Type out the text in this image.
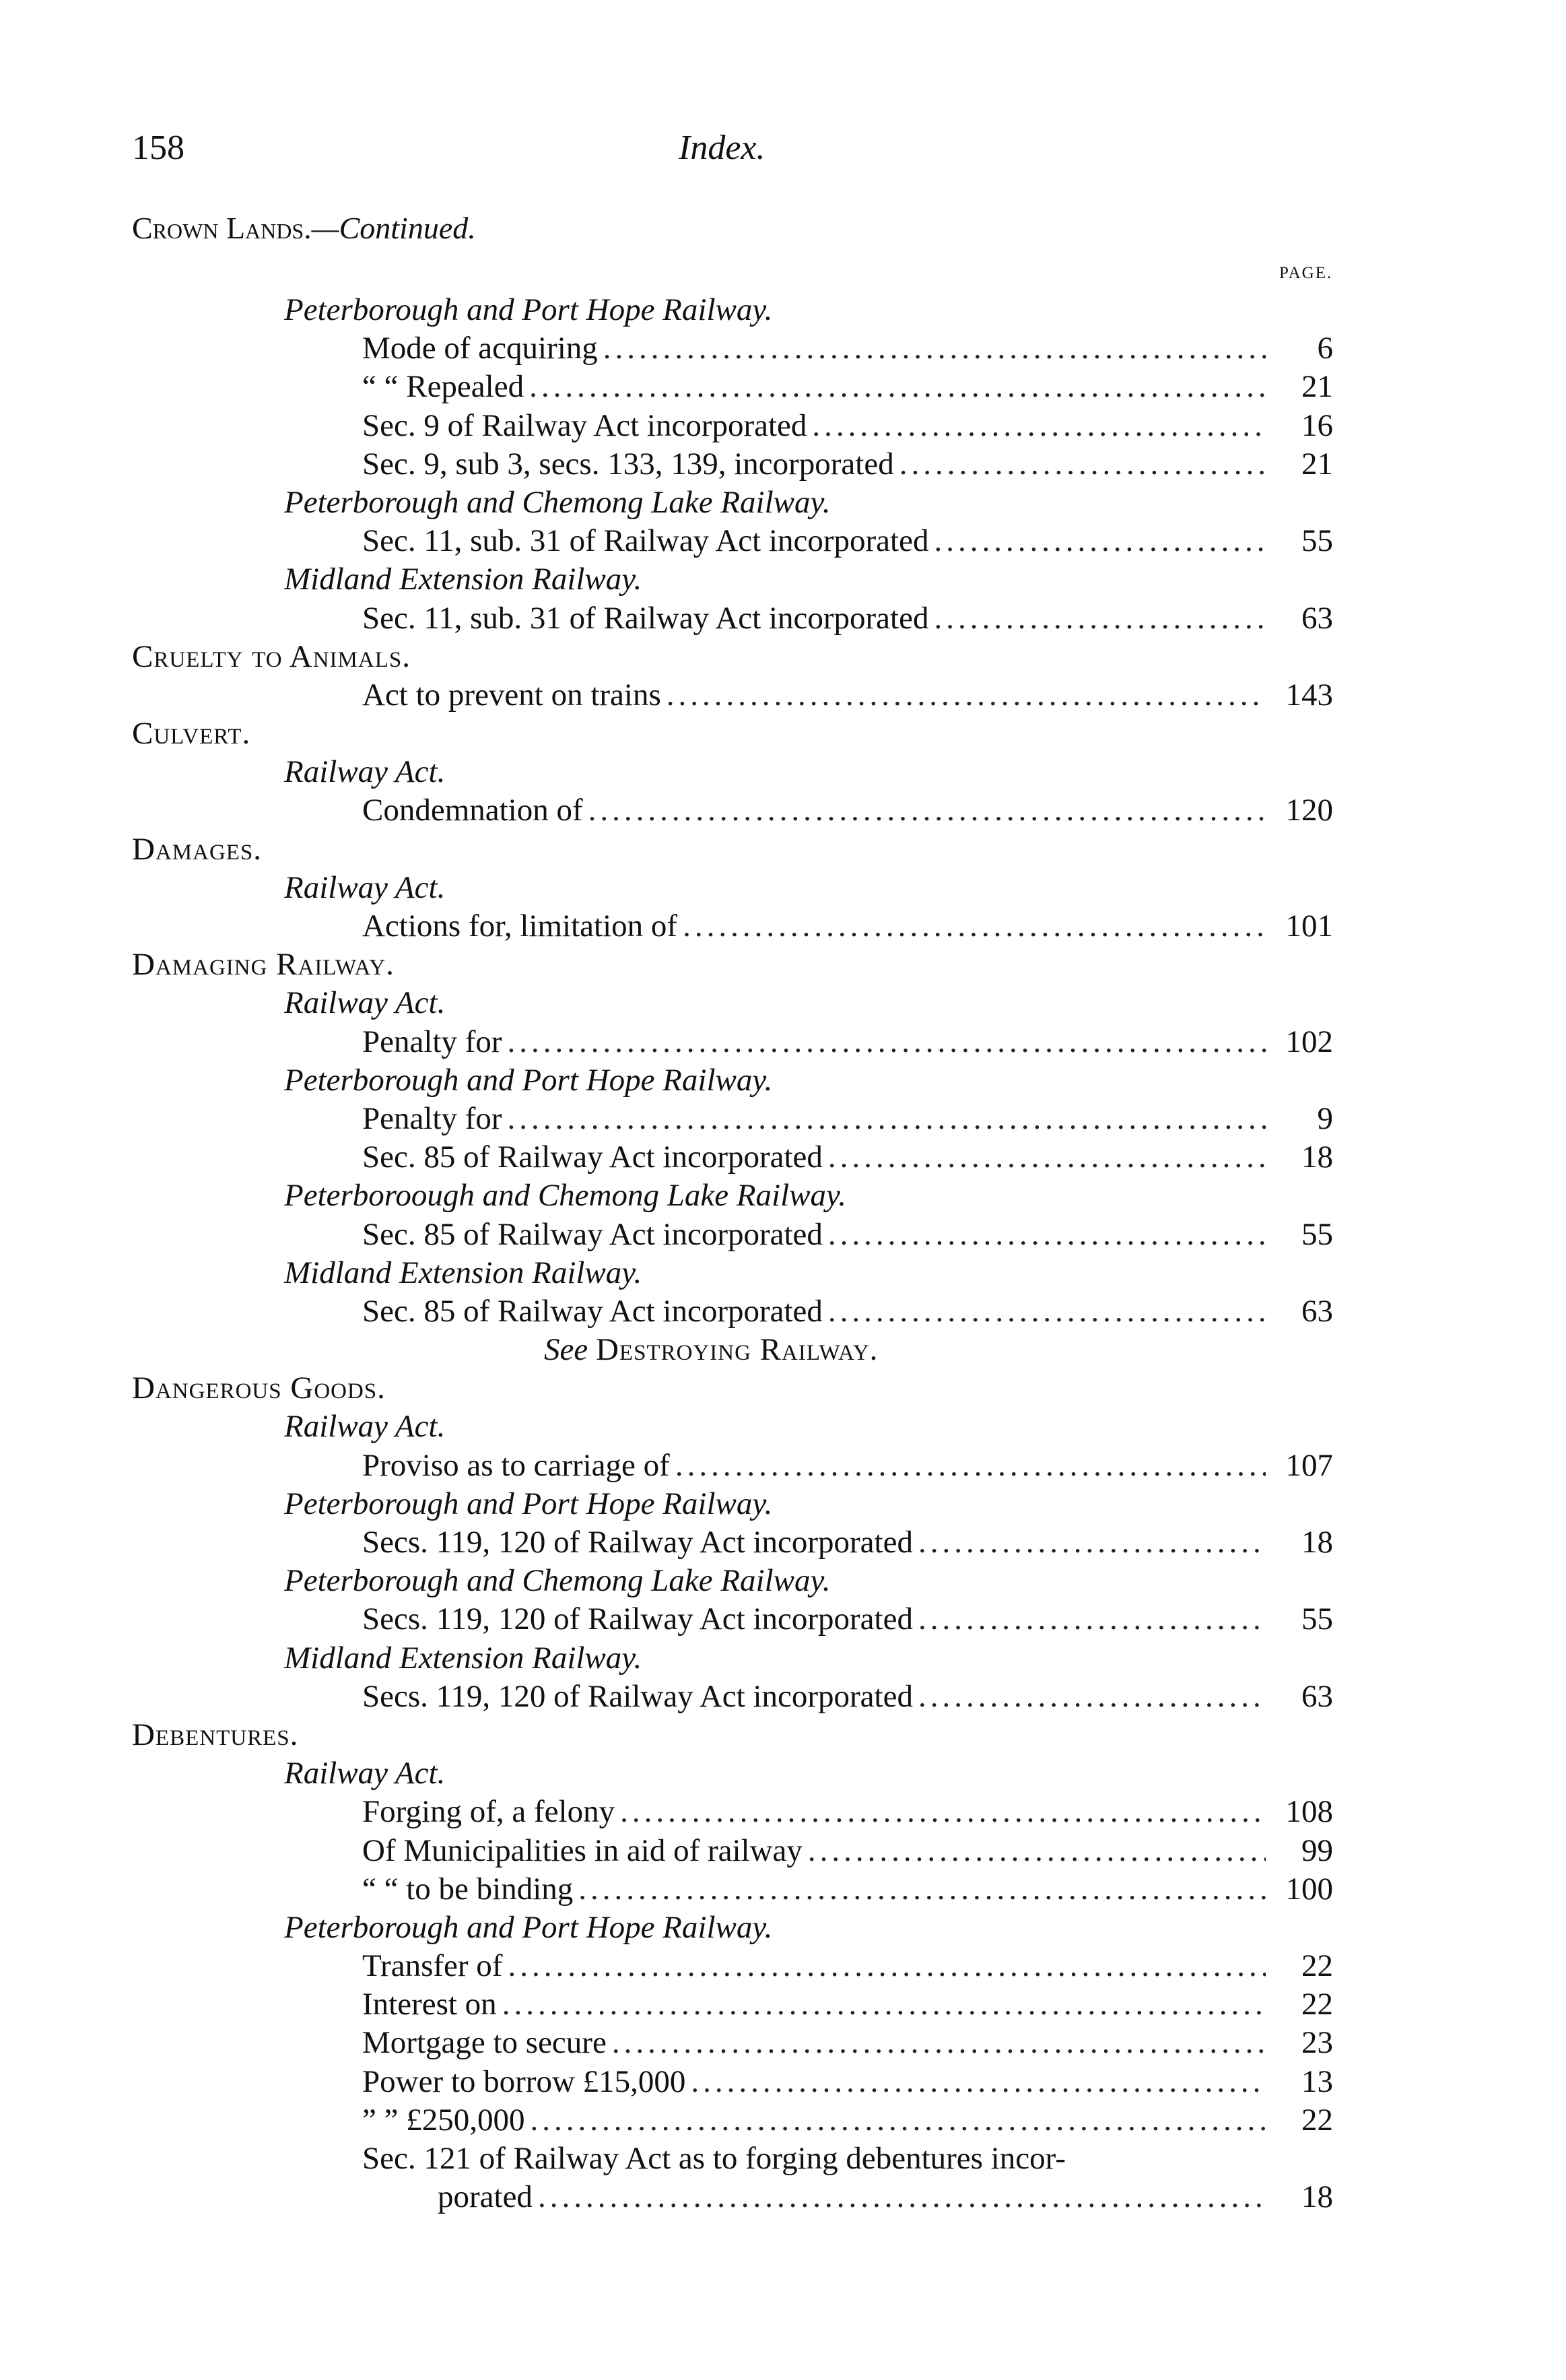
158	Index.
Crown Lands.—Continued.
PAGE.
Peterborough and Port Hope Railway.
Mode of acquiring .....	6
“ “ Repealed .....	21
Sec. 9 of Railway Act incorporated .....	16
Sec. 9, sub 3, secs. 133, 139, incorporated .....	21
Peterborough and Chemong Lake Railway.
Sec. 11, sub. 31 of Railway Act incorporated .....	55
Midland Extension Railway.
Sec. 11, sub. 31 of Railway Act incorporated .....	63
Cruelty to Animals.
Act to prevent on trains .....	143
Culvert.
Railway Act.
Condemnation of .....	120
Damages.
Railway Act.
Actions for, limitation of .....	101
Damaging Railway.
Railway Act.
Penalty for .....	102
Peterborough and Port Hope Railway.
Penalty for .....	9
Sec. 85 of Railway Act incorporated .....	18
Peterboroough and Chemong Lake Railway.
Sec. 85 of Railway Act incorporated .....	55
Midland Extension Railway.
Sec. 85 of Railway Act incorporated .....	63
See Destroying Railway.
Dangerous Goods.
Railway Act.
Proviso as to carriage of .....	107
Peterborough and Port Hope Railway.
Secs. 119, 120 of Railway Act incorporated .....	18
Peterborough and Chemong Lake Railway.
Secs. 119, 120 of Railway Act incorporated .....	55
Midland Extension Railway.
Secs. 119, 120 of Railway Act incorporated .....	63
Debentures.
Railway Act.
Forging of, a felony .....	108
Of Municipalities in aid of railway .....	99
“ “ to be binding .....	100
Peterborough and Port Hope Railway.
Transfer of .....	22
Interest on .....	22
Mortgage to secure .....	23
Power to borrow £15,000 .....	13
” ” £250,000 .....	22
Sec. 121 of Railway Act as to forging debentures incor-
porated .....	18
